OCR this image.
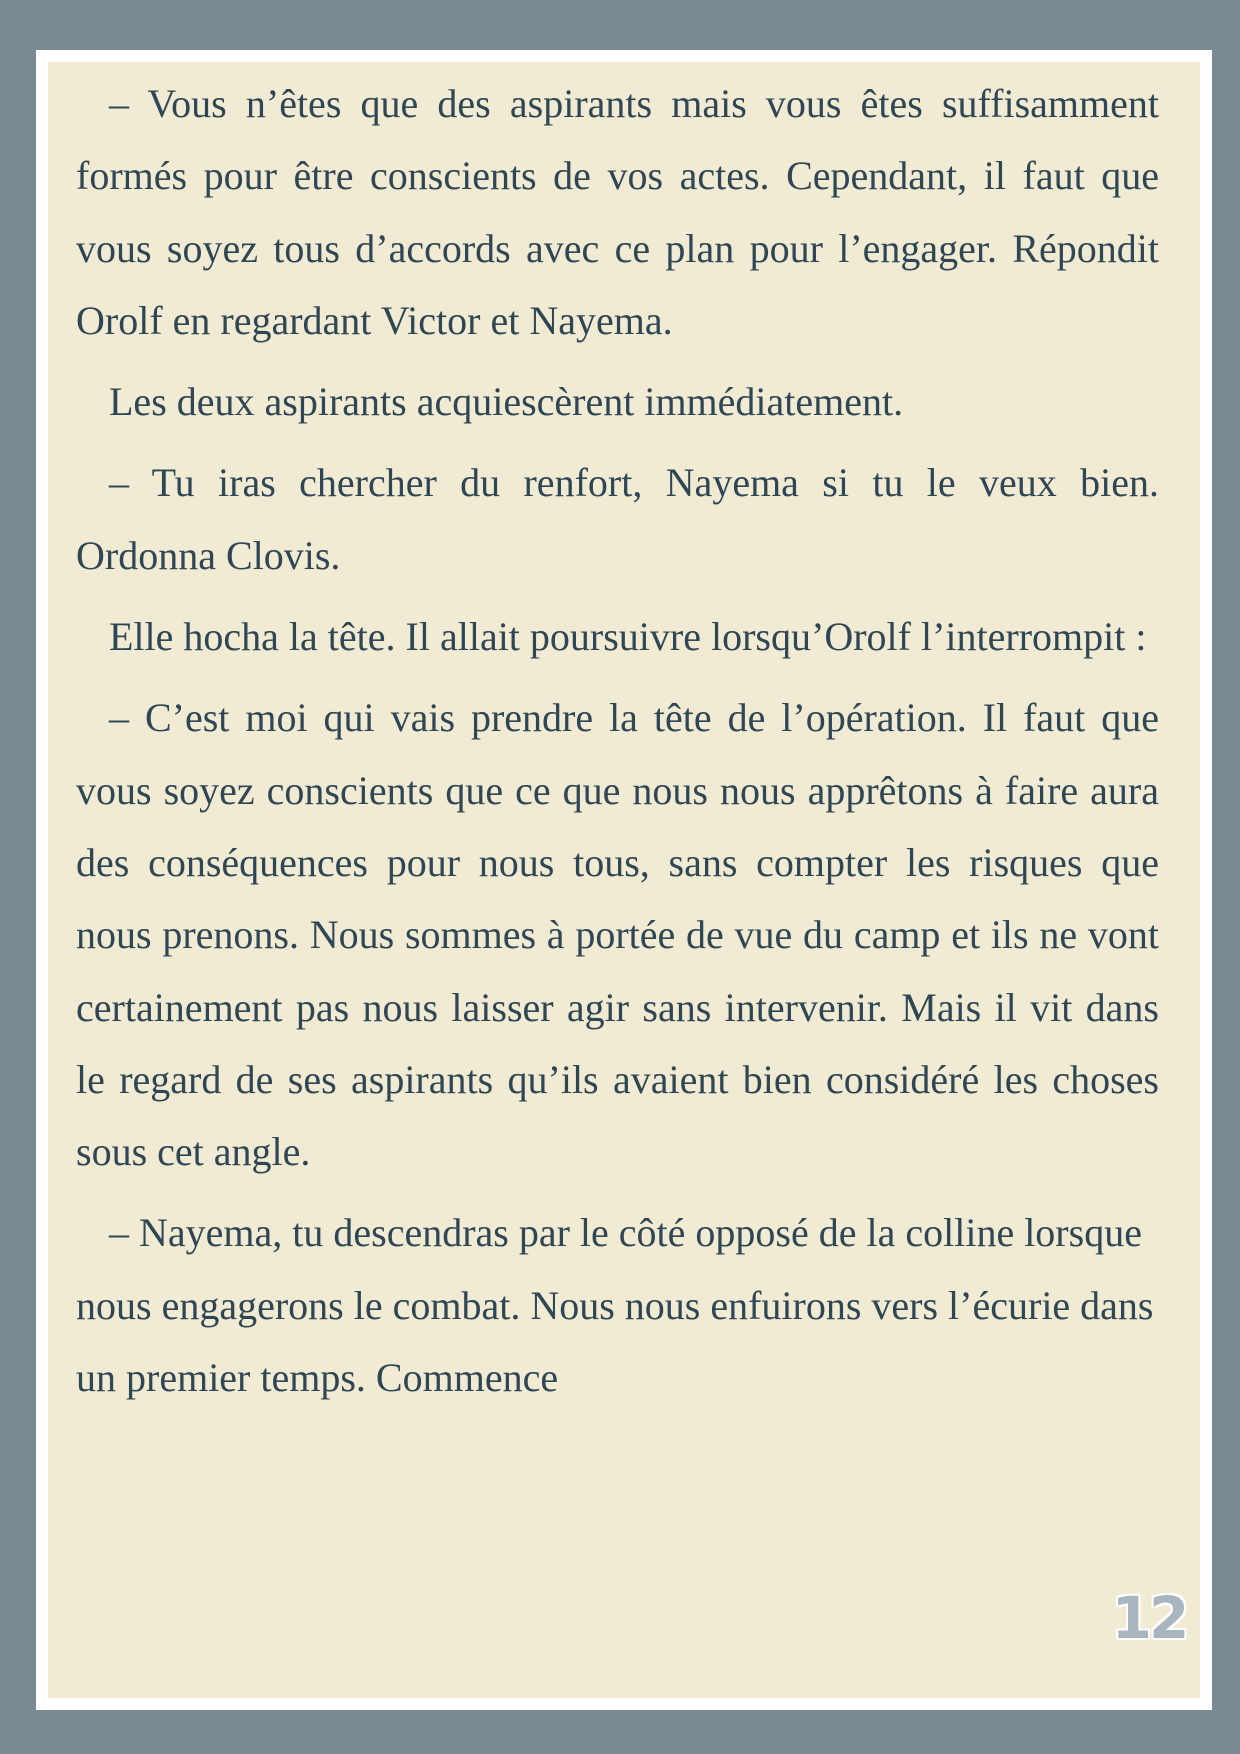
– Vous n’êtes que des aspirants mais vous êtes suffisamment formés pour être conscients de vos actes. Cependant, il faut que vous soyez tous d’accords avec ce plan pour l’engager. Répondit Orolf en regardant Victor et Nayema.

Les deux aspirants acquiescèrent immédiatement.

– Tu iras chercher du renfort, Nayema si tu le veux bien. Ordonna Clovis.

Elle hocha la tête. Il allait poursuivre lorsqu’Orolf l’interrompit :

– C’est moi qui vais prendre la tête de l’opération. Il faut que vous soyez conscients que ce que nous nous apprêtons à faire aura des conséquences pour nous tous, sans compter les risques que nous prenons. Nous sommes à portée de vue du camp et ils ne vont certainement pas nous laisser agir sans intervenir. Mais il vit dans le regard de ses aspirants qu’ils avaient bien considéré les choses sous cet angle.

– Nayema, tu descendras par le côté opposé de la colline lorsque nous engagerons le combat. Nous nous enfuirons vers l’écurie dans un premier temps. Commence

12
